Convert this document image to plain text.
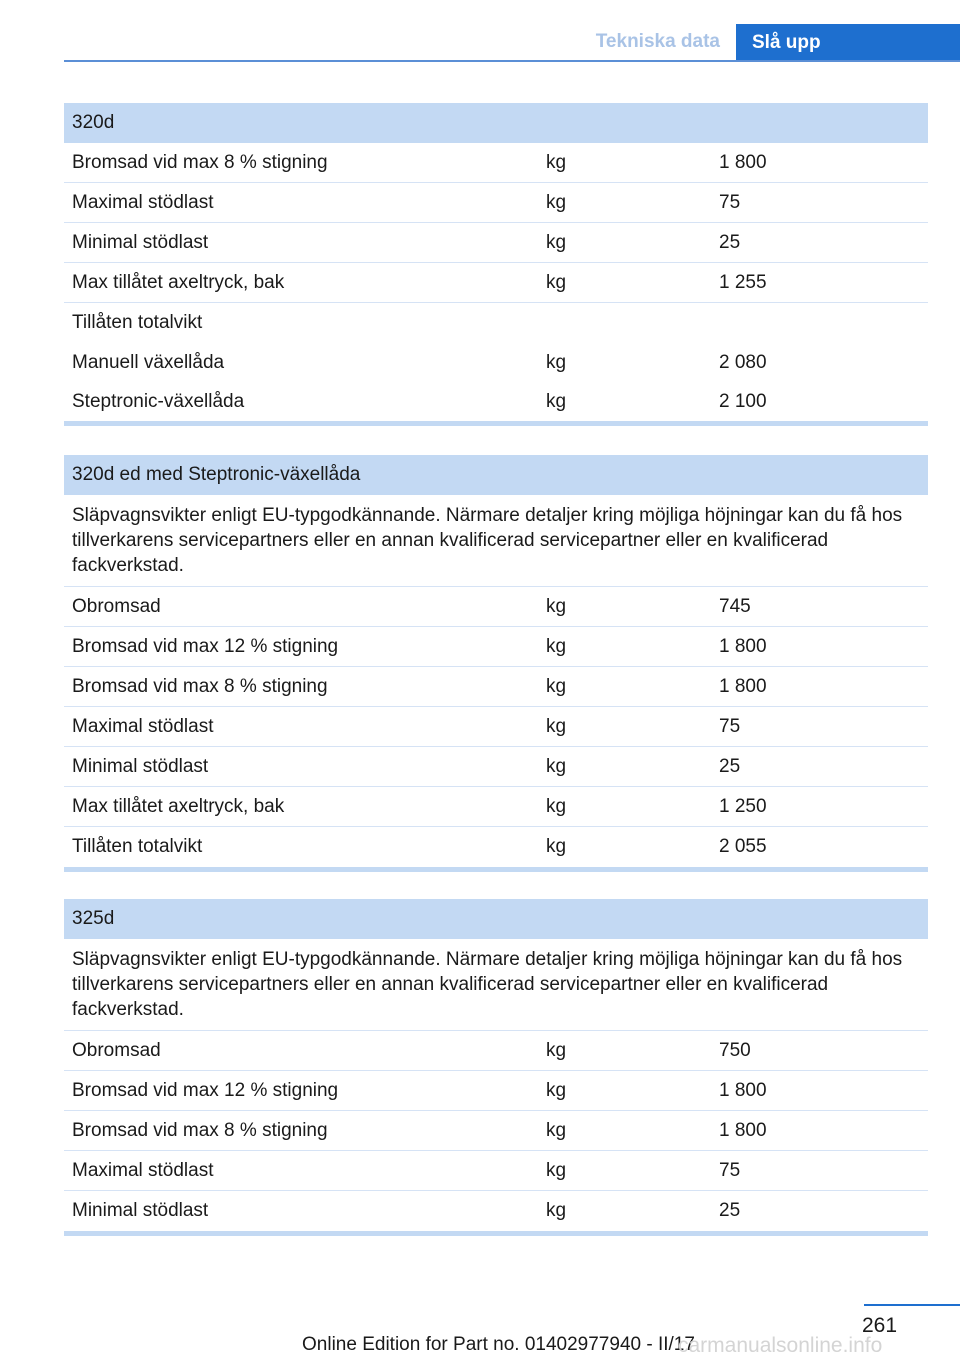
Tekniska data	Slå upp
320d
Bromsad vid max 8 % stigning	kg	1 800
Maximal stödlast	kg	75
Minimal stödlast	kg	25
Max tillåtet axeltryck, bak	kg	1 255
Tillåten totalvikt
Manuell växellåda	kg	2 080
Steptronic-växellåda	kg	2 100
320d ed med Steptronic-växellåda
Släpvagnsvikter enligt EU-typgodkännande. Närmare detaljer kring möjliga höjningar kan du få hos tillverkarens servicepartners eller en annan kvalificerad servicepartner eller en kvalificerad fackverkstad.
Obromsad	kg	745
Bromsad vid max 12 % stigning	kg	1 800
Bromsad vid max 8 % stigning	kg	1 800
Maximal stödlast	kg	75
Minimal stödlast	kg	25
Max tillåtet axeltryck, bak	kg	1 250
Tillåten totalvikt	kg	2 055
325d
Släpvagnsvikter enligt EU-typgodkännande. Närmare detaljer kring möjliga höjningar kan du få hos tillverkarens servicepartners eller en annan kvalificerad servicepartner eller en kvalificerad fackverkstad.
Obromsad	kg	750
Bromsad vid max 12 % stigning	kg	1 800
Bromsad vid max 8 % stigning	kg	1 800
Maximal stödlast	kg	75
Minimal stödlast	kg	25
261
Online Edition for Part no. 01402977940 - II/17
carmanualsonline.info
